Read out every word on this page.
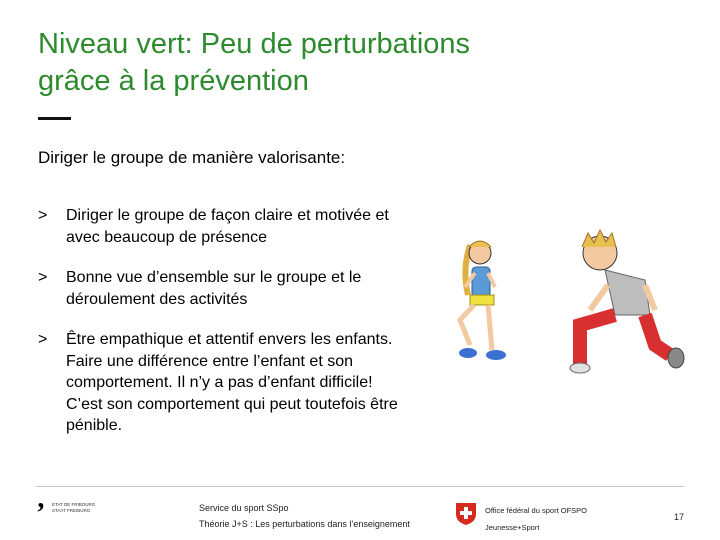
Niveau vert: Peu de perturbations
grâce à la prévention
Diriger le groupe de manière valorisante:
> Diriger le groupe de façon claire et motivée et avec beaucoup de présence
> Bonne vue d’ensemble sur le groupe et le déroulement des activités
> Être empathique et attentif envers les enfants. Faire une différence entre l’enfant et son comportement. Il n’y a pas d’enfant difficile! C’est son comportement qui peut toutefois être pénible.
’ ETAT DE FRIBOURG
STAAT FREIBURG	Service du sport SSpo
Théorie J+S : Les perturbations dans l’enseignement
Office fédéral du sport OFSPO
Jeunesse+Sport
17
